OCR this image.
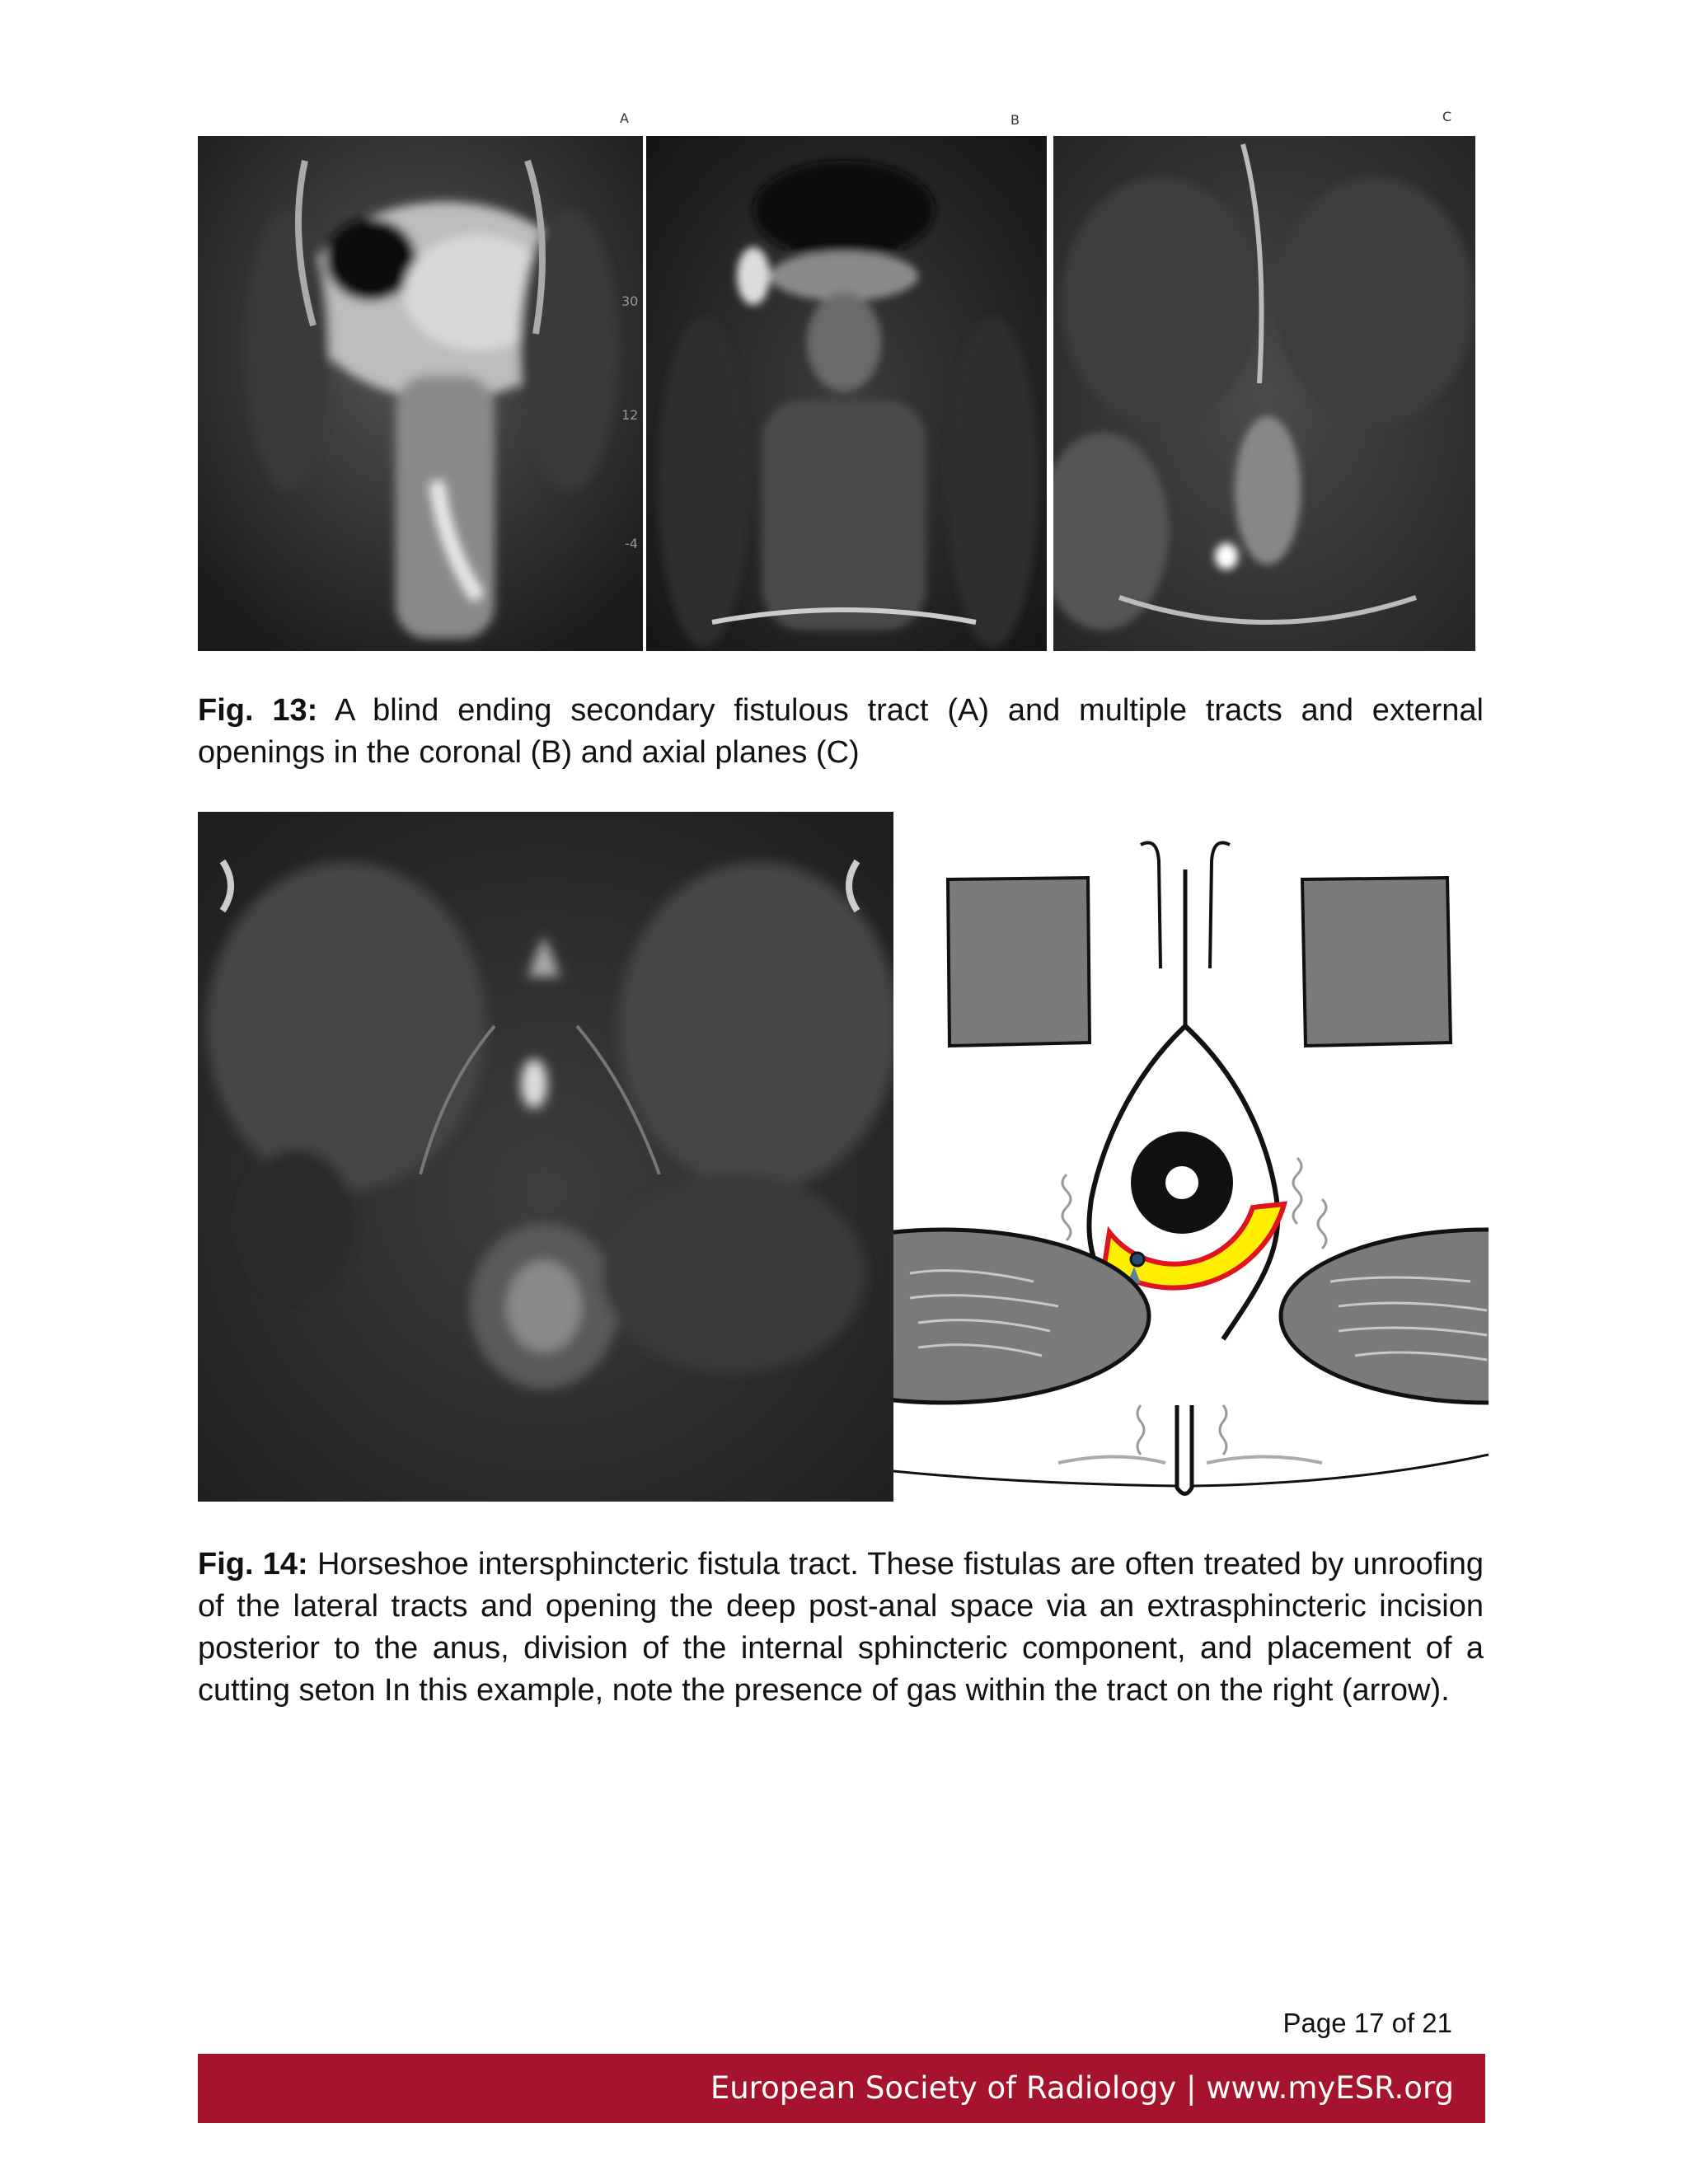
A	B	C
30
12
-4
Fig. 13: A blind ending secondary fistulous tract (A) and multiple tracts and external openings in the coronal (B) and axial planes (C)
Fig. 14: Horseshoe intersphincteric fistula tract. These fistulas are often treated by unroofing of the lateral tracts and opening the deep post-anal space via an extrasphincteric incision posterior to the anus, division of the internal sphincteric component, and placement of a cutting seton In this example, note the presence of gas within the tract on the right (arrow).
Page 17 of 21
European Society of Radiology | www.myESR.org
